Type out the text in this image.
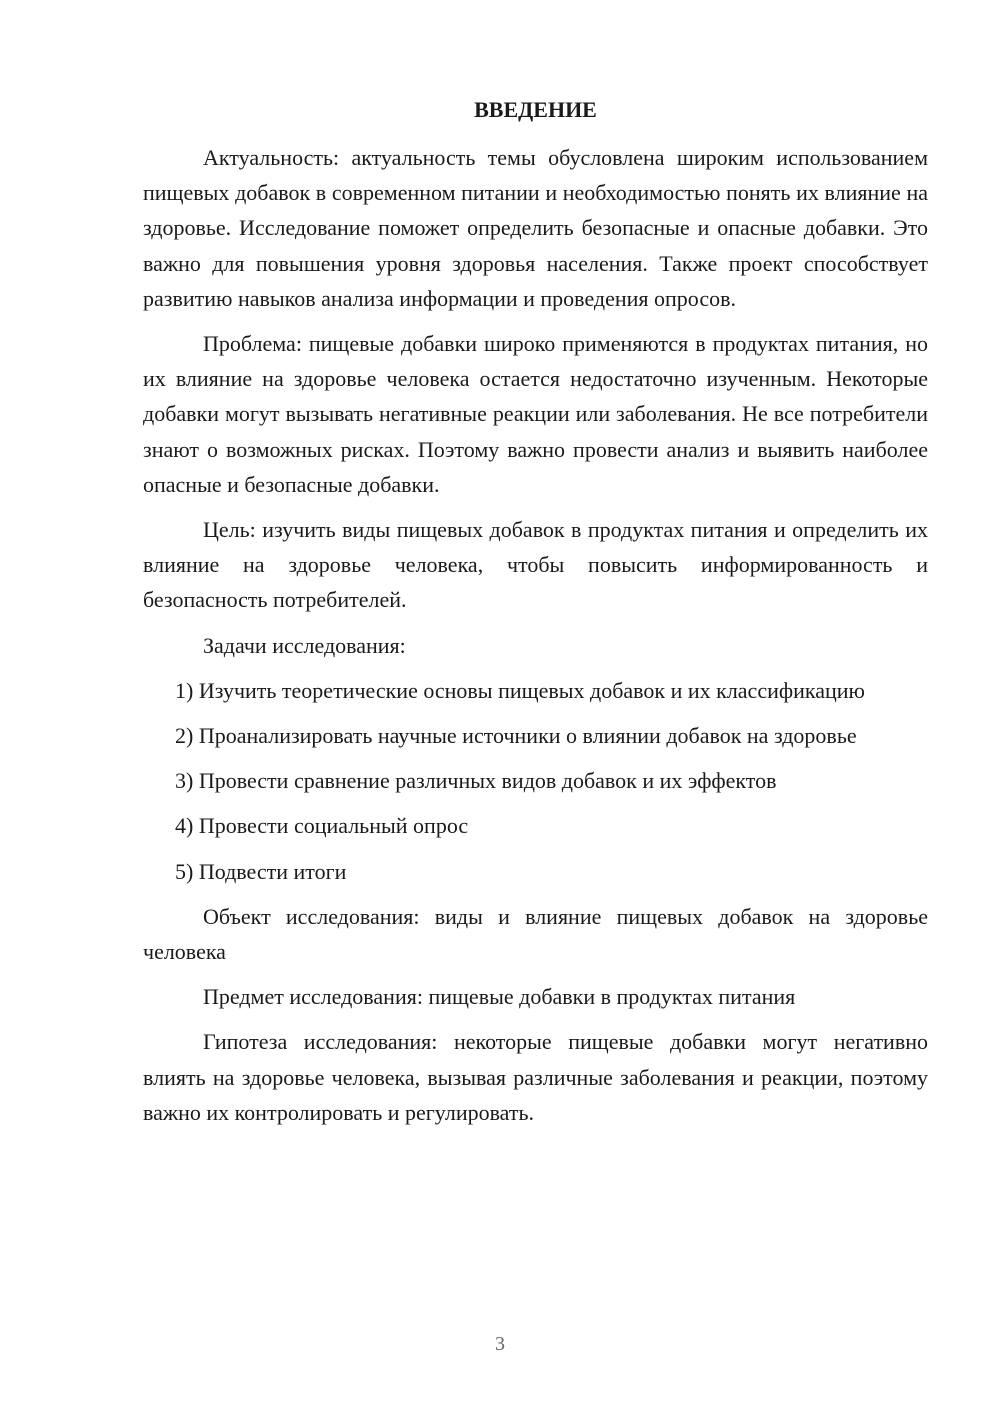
ВВЕДЕНИЕ

Актуальность: актуальность темы обусловлена широким использованием пищевых добавок в современном питании и необходимостью понять их влияние на здоровье. Исследование поможет определить безопасные и опасные добавки. Это важно для повышения уровня здоровья населения. Также проект способствует развитию навыков анализа информации и проведения опросов.

Проблема: пищевые добавки широко применяются в продуктах питания, но их влияние на здоровье человека остается недостаточно изученным. Некоторые добавки могут вызывать негативные реакции или заболевания. Не все потребители знают о возможных рисках. Поэтому важно провести анализ и выявить наиболее опасные и безопасные добавки.

Цель: изучить виды пищевых добавок в продуктах питания и определить их влияние на здоровье человека, чтобы повысить информированность и безопасность потребителей.

Задачи исследования:

1) Изучить теоретические основы пищевых добавок и их классификацию

2) Проанализировать научные источники о влиянии добавок на здоровье

3) Провести сравнение различных видов добавок и их эффектов

4) Провести социальный опрос

5) Подвести итоги

Объект исследования: виды и влияние пищевых добавок на здоровье человека

Предмет исследования: пищевые добавки в продуктах питания

Гипотеза исследования: некоторые пищевые добавки могут негативно влиять на здоровье человека, вызывая различные заболевания и реакции, поэтому важно их контролировать и регулировать.

3
